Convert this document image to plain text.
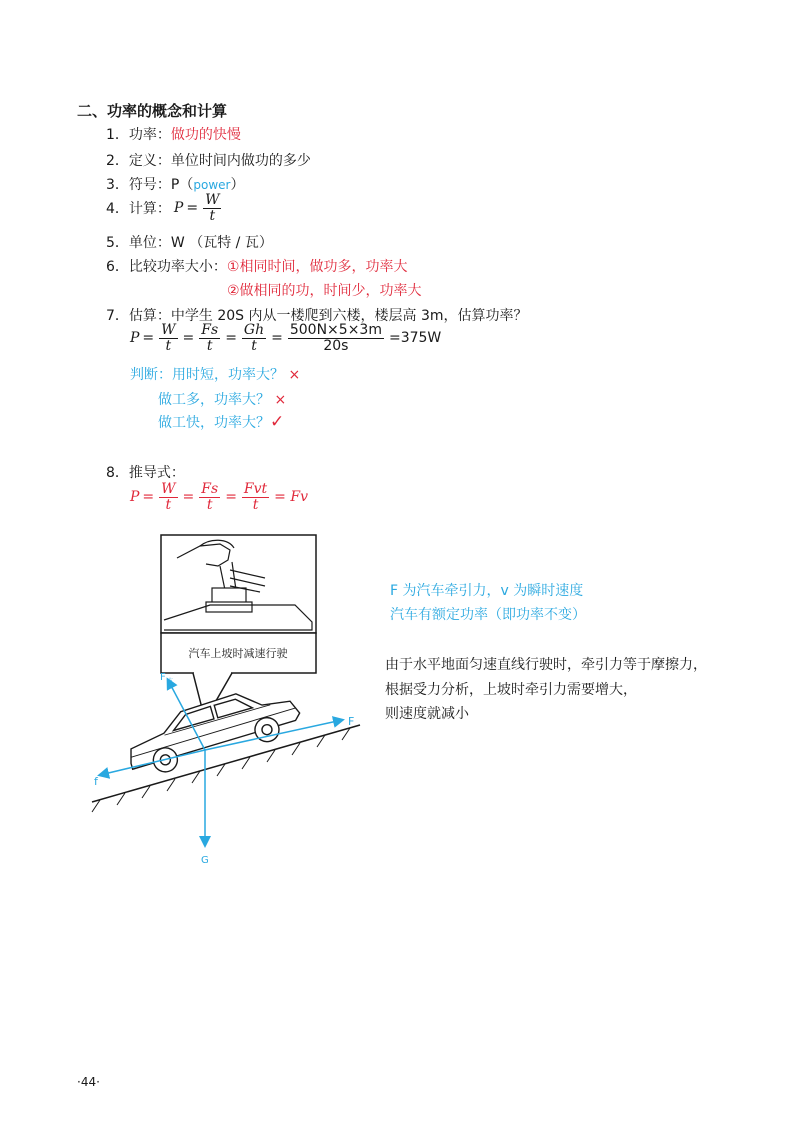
二、功率的概念和计算
1．功率：做功的快慢
2．定义：单位时间内做功的多少
3．符号：P（power）
4．计算： $P = \frac{W}{t}$
5．单位：W （瓦特 / 瓦）
6．比较功率大小：①相同时间，做功多，功率大
②做相同的功，时间少，功率大
7．估算：中学生 20S 内从一楼爬到六楼，楼层高 3m，估算功率？
$P = \frac{W}{t} = \frac{Fs}{t} = \frac{Gh}{t} = \frac{500N\times 5\times 3m}{20s} =375W$
判断：用时短，功率大？ ×
做工多，功率大？ ×
做工快，功率大？✓
8．推导式：
$P = \frac{W}{t} = \frac{Fs}{t} = \frac{\text{Fvt}}{t} = Fv$
汽车上坡时减速行驶
F
f
F 支
G
F 为汽车牵引力，v 为瞬时速度
汽车有额定功率（即功率不变）
由于水平地面匀速直线行驶时，牵引力等于摩擦力，
根据受力分析，上坡时牵引力需要增大，
则速度就减小
·44·
